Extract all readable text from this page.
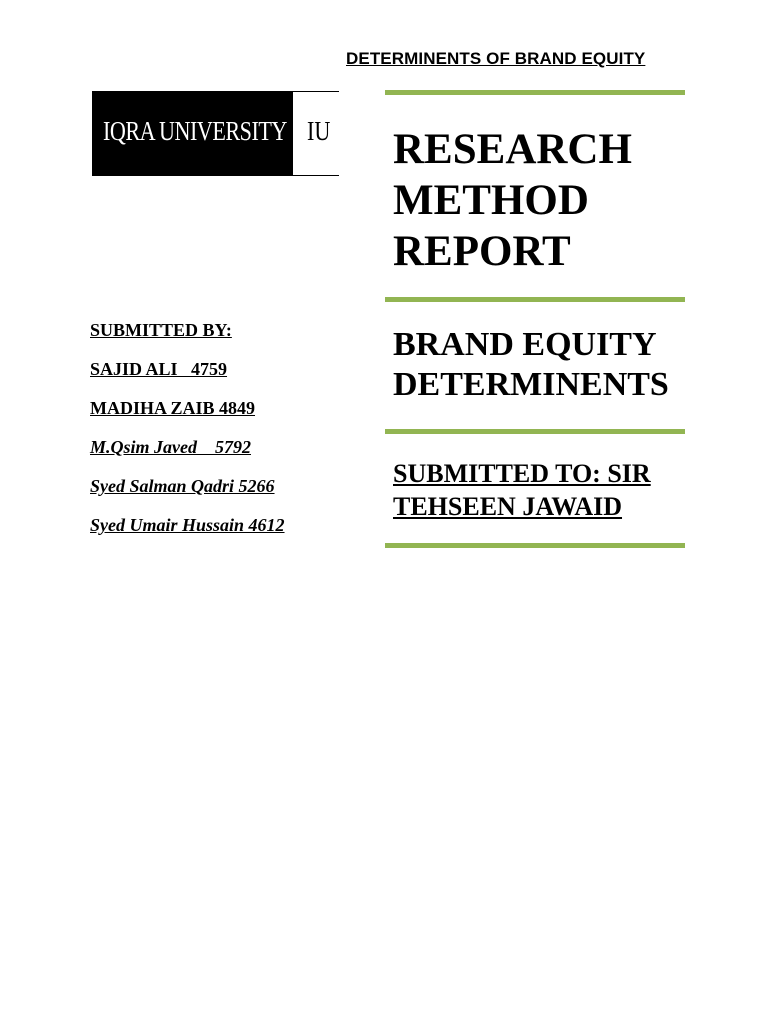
DETERMINENTS OF BRAND EQUITY
IQRA UNIVERSITY IU RESEARCH
METHOD
REPORT
BRAND EQUITY
DETERMINENTS
SUBMITTED TO: SIR
TEHSEEN JAWAID
SUBMITTED BY:
SAJID ALI   4759
MADIHA ZAIB 4849
M.Qsim Javed    5792
Syed Salman Qadri 5266
Syed Umair Hussain 4612
